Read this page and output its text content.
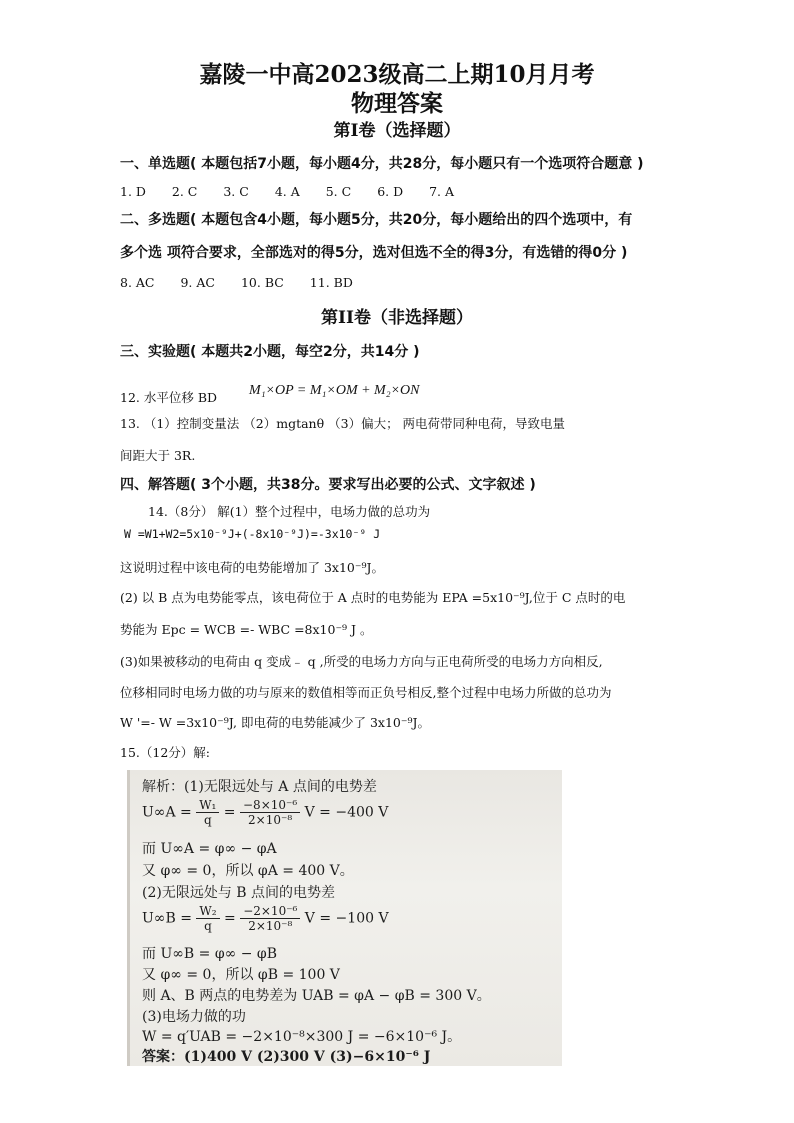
嘉陵一中高2023级高二上期10月月考
物理答案
第I卷（选择题）
一、单选题( 本题包括7小题，每小题4分，共28分，每小题只有一个选项符合题意 )
1. D 2. C 3. C 4. A 5. C 6. D 7. A
二、多选题( 本题包含4小题，每小题5分，共20分，每小题给出的四个选项中，有
多个选 项符合要求，全部选对的得5分，选对但选不全的得3分，有选错的得0分 )
8. AC 9. AC 10. BC 11. BD
第II卷（非选择题）
三、实验题( 本题共2小题，每空2分，共14分 )
12. 水平位移 BD M₁×OP = M₁×OM + M₂×ON
13. （1）控制变量法 （2）mgtanθ （3）偏大； 两电荷带同种电荷，导致电量
间距大于 3R.
四、解答题( 3个小题，共38分。要求写出必要的公式、文字叙述 )
14.（8分） 解(1）整个过程中，电场力做的总功为
W =W1+W2=5x10⁻⁹J+(-8x10⁻⁹J)=-3x10⁻⁹ J
这说明过程中该电荷的电势能增加了 3x10⁻⁹J。
(2) 以 B 点为电势能零点，该电荷位于 A 点时的电势能为 EPA =5x10⁻⁹J,位于 C 点时的电
势能为 Epc = WCB =- WBC =8x10⁻⁹ J 。
(3)如果被移动的电荷由 q 变成﹣ q ,所受的电场力方向与正电荷所受的电场力方向相反,
位移相同时电场力做的功与原来的数值相等而正负号相反,整个过程中电场力所做的总功为
W '=- W =3x10⁻⁹J, 即电荷的电势能减少了 3x10⁻⁹J。
15.（12分）解:
解析：(1)无限远处与 A 点间的电势差
$U\infty A = \frac{\text{W₁}}{q} = \frac{\text{−8×10⁻⁶}}{\text{2×10⁻⁸}}$ V = −400 V
而 U∞A = φ∞ − φA
又 φ∞ = 0，所以 φA = 400 V。
(2)无限远处与 B 点间的电势差
$U\infty B = \frac{\text{W₂}}{q} = \frac{\text{−2×10⁻⁶}}{\text{2×10⁻⁸}}$ V = −100 V
而 U∞B = φ∞ − φB
又 φ∞ = 0，所以 φB = 100 V
则 A、B 两点的电势差为 UAB = φA − φB = 300 V。
(3)电场力做的功
W = q′UAB = −2×10⁻⁸×300 J = −6×10⁻⁶ J。
答案：(1)400 V (2)300 V (3)−6×10⁻⁶ J
